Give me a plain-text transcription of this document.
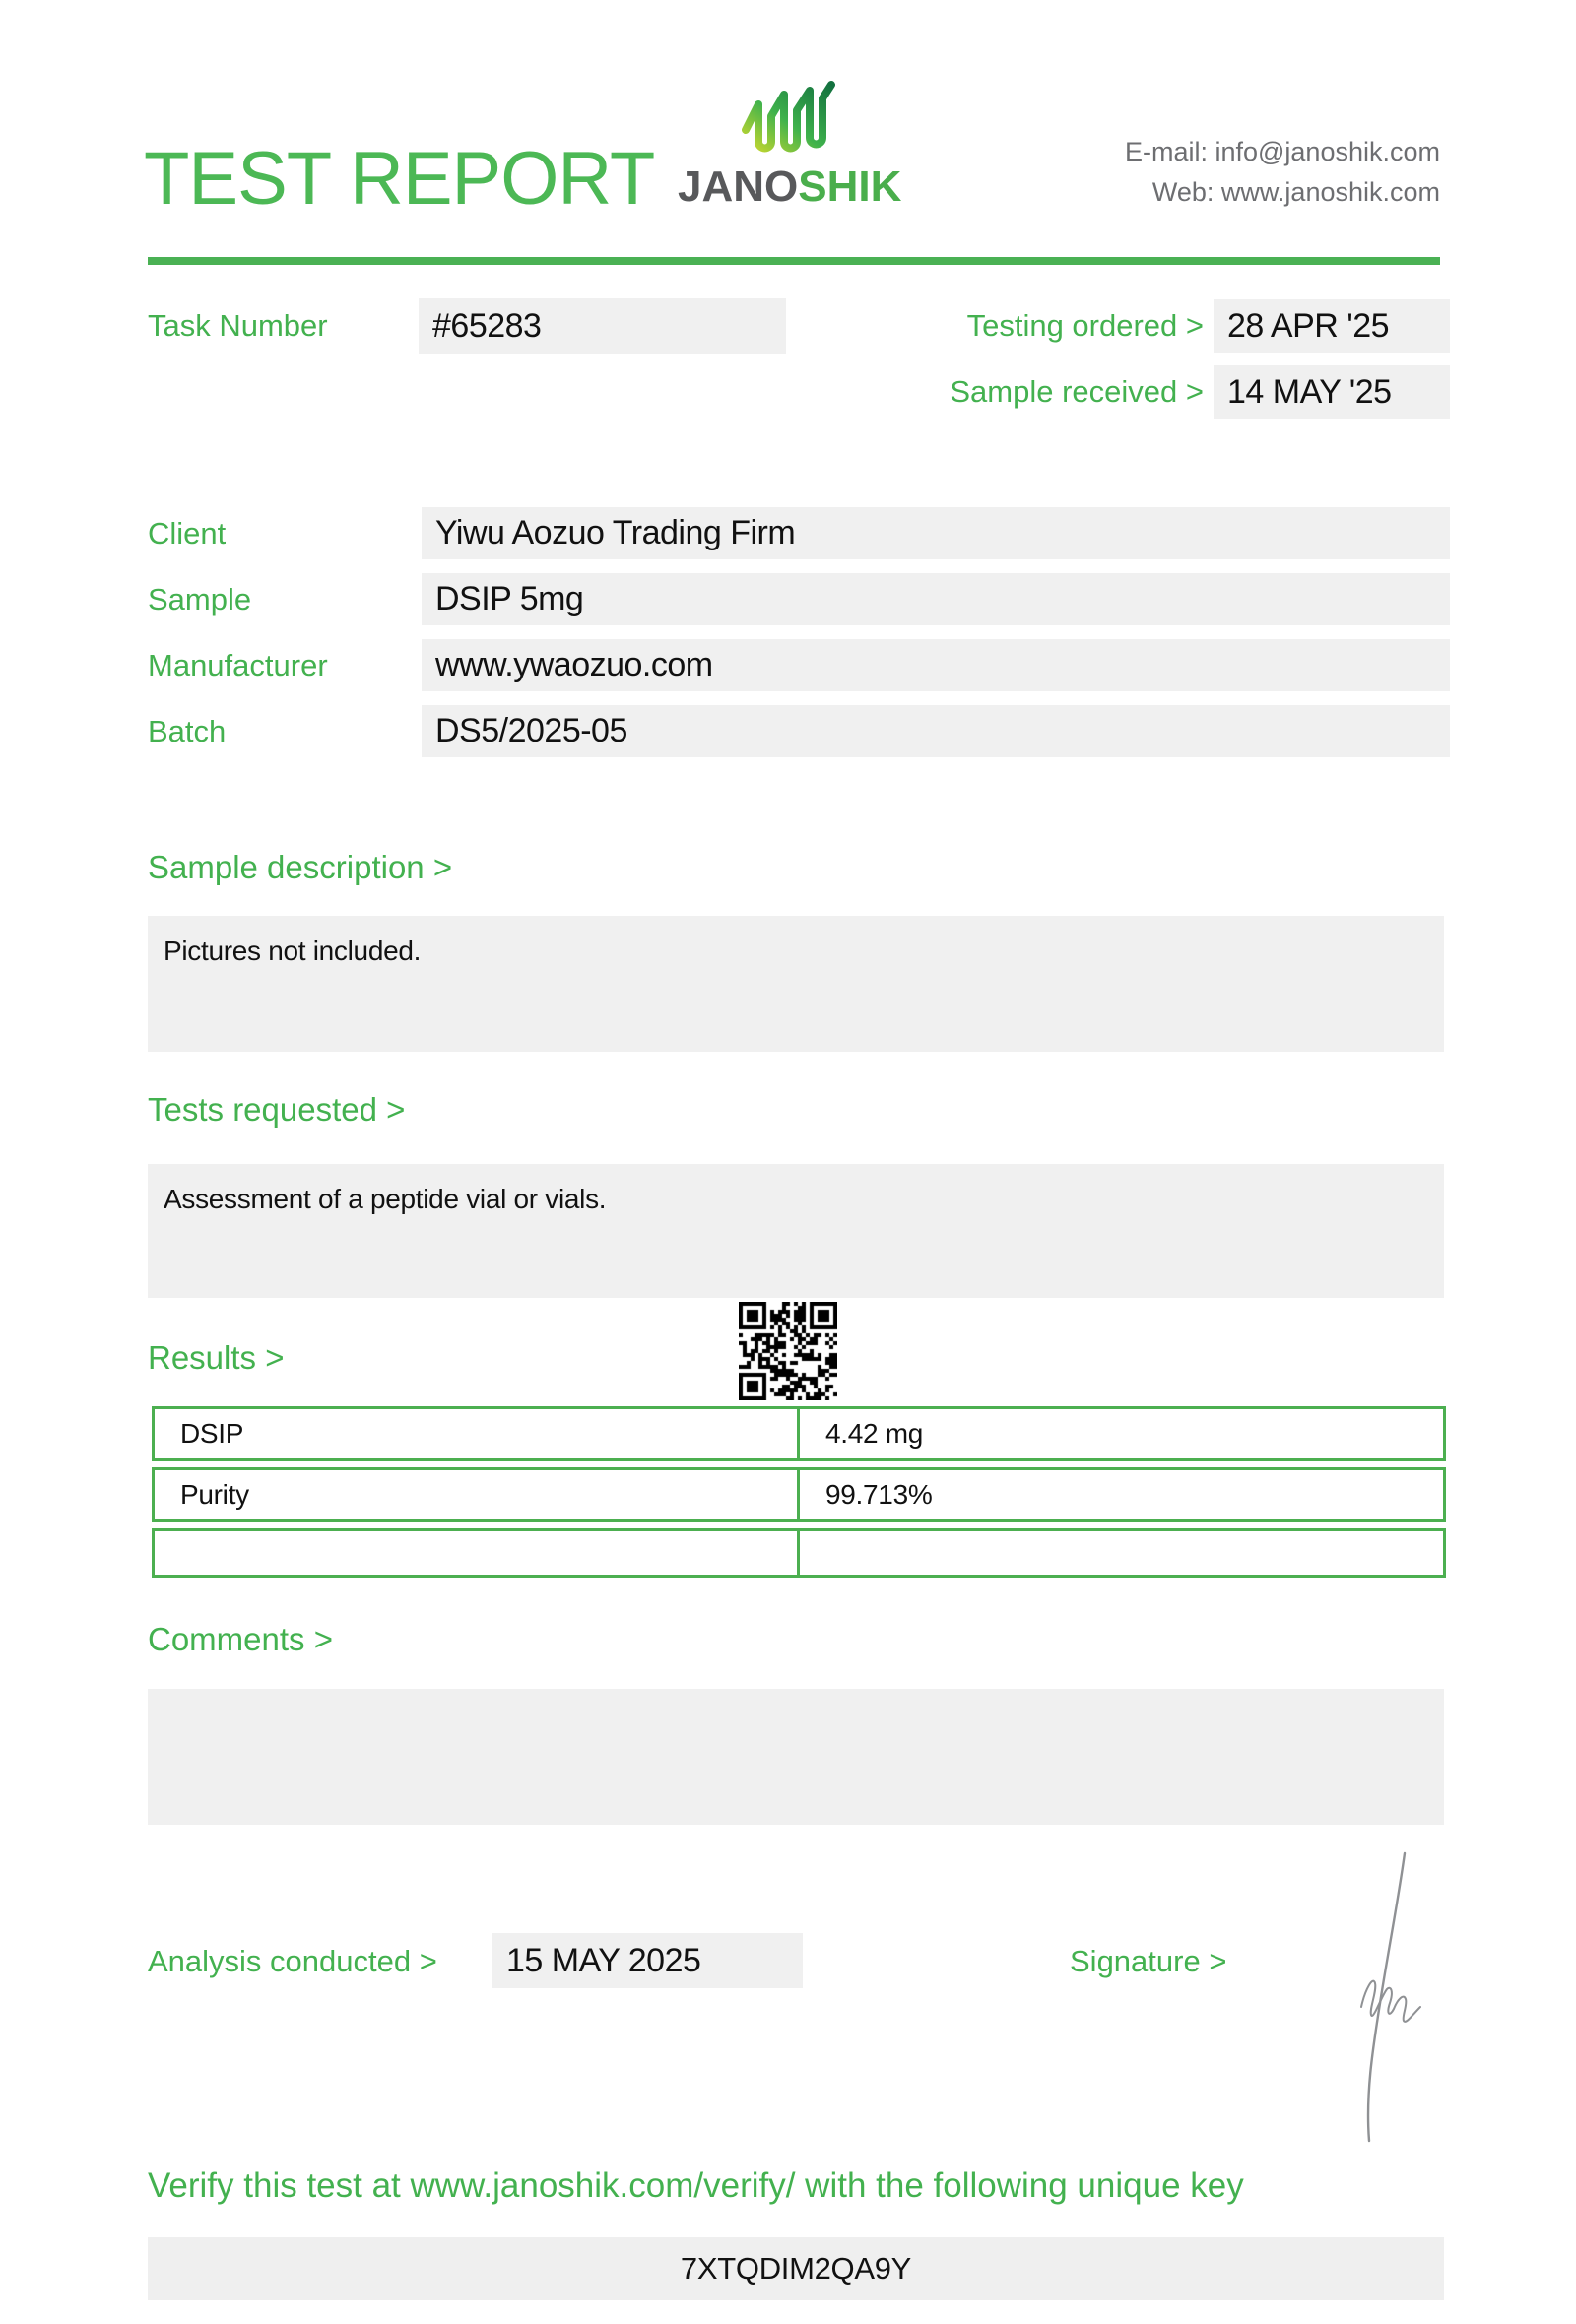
TEST REPORT JANOSHIK
E-mail: info@janoshik.com
Web: www.janoshik.com
Task Number	#65283	Testing ordered > 28 APR '25
Sample received > 14 MAY '25
Client	Yiwu Aozuo Trading Firm
Sample	DSIP 5mg
Manufacturer	www.ywaozuo.com
Batch	DS5/2025-05
Sample description >
Pictures not included.
Tests requested >
Assessment of a peptide vial or vials.
Results >
DSIP	4.42 mg
Purity	99.713%
Comments >
Analysis conducted >	15 MAY 2025	Signature >
Verify this test at www.janoshik.com/verify/ with the following unique key
7XTQDIM2QA9Y
